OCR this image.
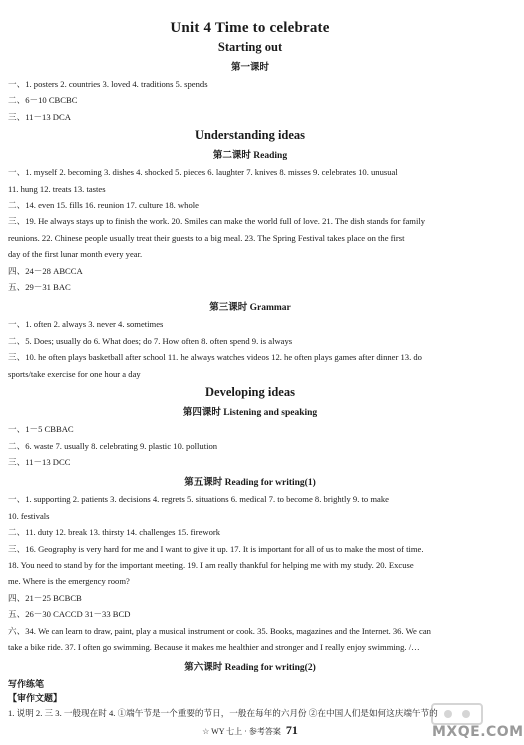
Unit 4 Time to celebrate
Starting out
第一课时
一、1. posters 2. countries 3. loved 4. traditions 5. spends
二、6－10 CBCBC
三、11－13 DCA
Understanding ideas
第二课时 Reading
一、1. myself 2. becoming 3. dishes 4. shocked 5. pieces 6. laughter 7. knives 8. misses 9. celebrates 10. unusual
11. hung 12. treats 13. tastes
二、14. even 15. fills 16. reunion 17. culture 18. whole
三、19. He always stays up to finish the work. 20. Smiles can make the world full of love. 21. The dish stands for family
reunions. 22. Chinese people usually treat their guests to a big meal. 23. The Spring Festival takes place on the first
day of the first lunar month every year.
四、24－28 ABCCA
五、29－31 BAC
第三课时 Grammar
一、1. often 2. always 3. never 4. sometimes
二、5. Does; usually do 6. What does; do 7. How often 8. often spend 9. is always
三、10. he often plays basketball after school 11. he always watches videos 12. he often plays games after dinner 13. do
sports/take exercise for one hour a day
Developing ideas
第四课时 Listening and speaking
一、1－5 CBBAC
二、6. waste 7. usually 8. celebrating 9. plastic 10. pollution
三、11－13 DCC
第五课时 Reading for writing(1)
一、1. supporting 2. patients 3. decisions 4. regrets 5. situations 6. medical 7. to become 8. brightly 9. to make
10. festivals
二、11. duty 12. break 13. thirsty 14. challenges 15. firework
三、16. Geography is very hard for me and I want to give it up. 17. It is important for all of us to make the most of time.
18. You need to stand by for the important meeting. 19. I am really thankful for helping me with my study. 20. Excuse
me. Where is the emergency room?
四、21－25 BCBCB
五、26－30 CACCD 31－33 BCD
六、34. We can learn to draw, paint, play a musical instrument or cook. 35. Books, magazines and the Internet. 36. We can
take a bike ride. 37. I often go swimming. Because it makes me healthier and stronger and I really enjoy swimming. /…
第六课时 Reading for writing(2)
写作练笔
【审作文题】
1. 说明 2. 三 3. 一般现在时 4. ①端午节是一个重要的节日，一般在每年的六月份 ②在中国人们是如何这庆端午节的
☆ WY 七上 · 参考答案 71	MXQE.COM
